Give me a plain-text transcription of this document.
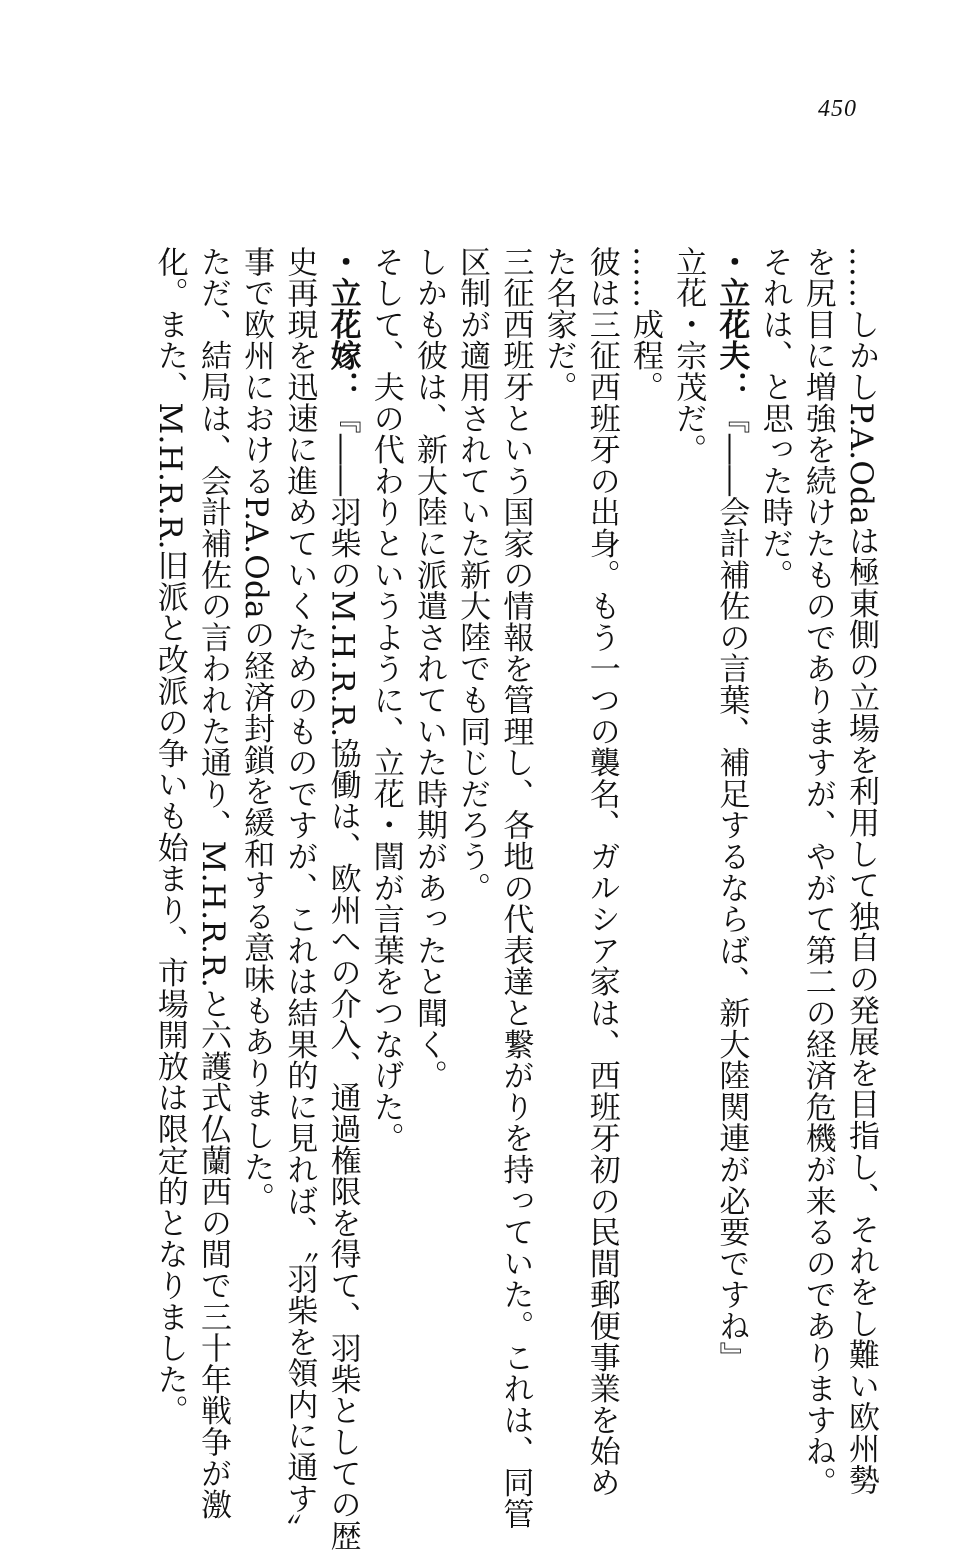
450
……しかしP.A.Odaは極東側の立場を利用して独自の発展を目指し、それをし難い欧州勢
を尻目に増強を続けたものでありますが、やがて第二の経済危機が来るのでありますね。
それは、と思った時だ。
・立花夫：『――会計補佐の言葉、補足するならば、新大陸関連が必要ですね』
立花・宗茂だ。
……成程。
彼は三征西班牙の出身。もう一つの襲名、ガルシア家は、西班牙初の民間郵便事業を始め
た名家だ。
三征西班牙という国家の情報を管理し、各地の代表達と繋がりを持っていた。これは、同管
区制が適用されていた新大陸でも同じだろう。
しかも彼は、新大陸に派遣されていた時期があったと聞く。
そして、夫の代わりというように、立花・誾が言葉をつなげた。
・立花嫁：『――羽柴のM.H.R.R.協働は、欧州への介入、通過権限を得て、羽柴としての歴
史再現を迅速に進めていくためのものですが、これは結果的に見れば、〝羽柴を領内に通す〟
事で欧州におけるP.A.Odaの経済封鎖を緩和する意味もありました。
ただ、結局は、会計補佐の言われた通り、M.H.R.R.と六護式仏蘭西の間で三十年戦争が激
化。また、M.H.R.R.旧派と改派の争いも始まり、市場開放は限定的となりました。
